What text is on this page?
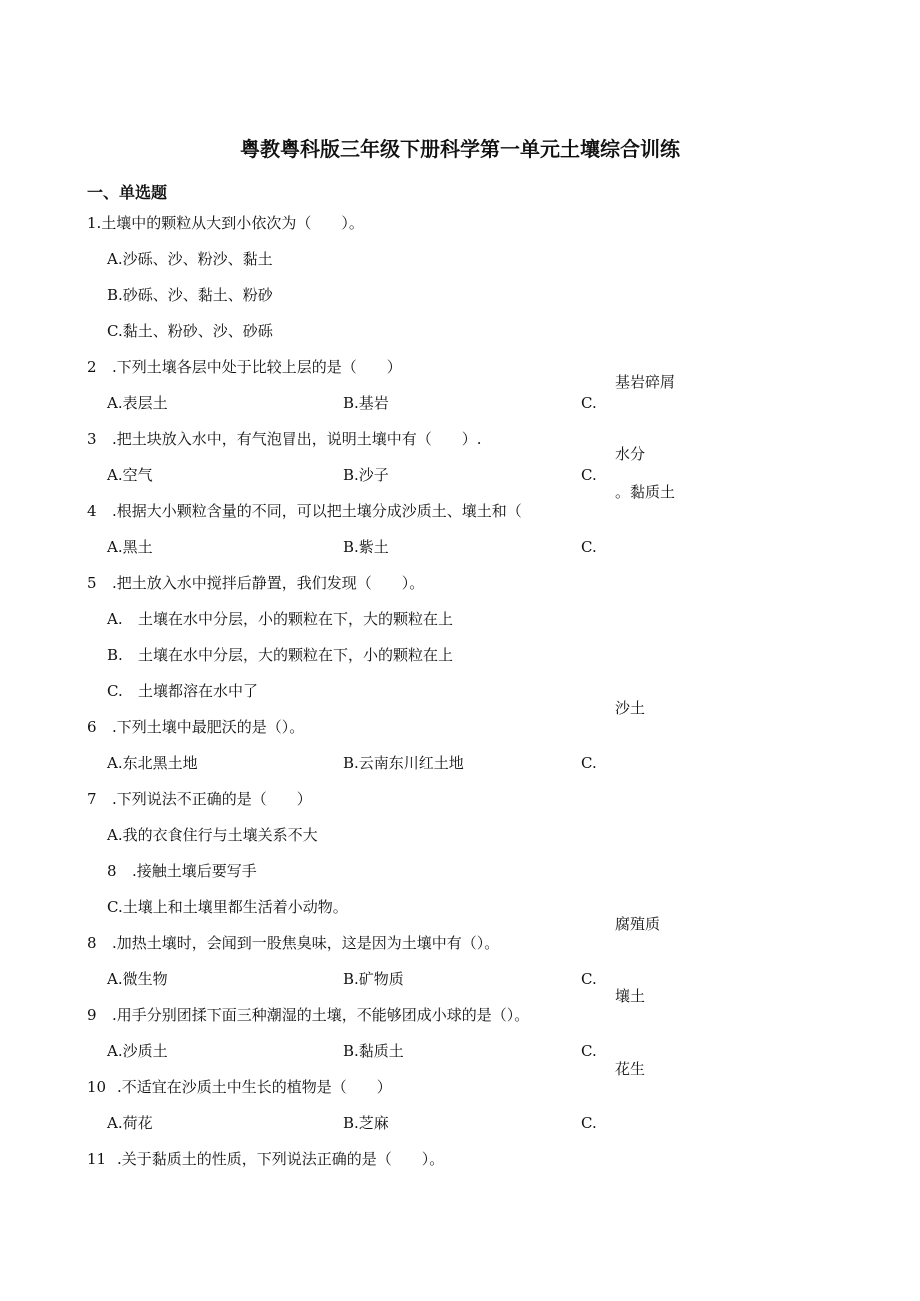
粤教粤科版三年级下册科学第一单元土壤综合训练
一、单选题
1.土壤中的颗粒从大到小依次为（　　）。
A.沙砾、沙、粉沙、黏土
B.砂砾、沙、黏土、粉砂
C.黏土、粉砂、沙、砂砾
2 .下列土壤各层中处于比较上层的是（　　）
基岩碎屑
A.表层土	B.基岩	C.
3 .把土块放入水中，有气泡冒出，说明土壤中有（　　）.
水分
A.空气	B.沙子	C.
。黏质土
4 .根据大小颗粒含量的不同，可以把土壤分成沙质土、壤土和（
A.黑土	B.紫土	C.
5 .把土放入水中搅拌后静置，我们发现（　　）。
A. 土壤在水中分层，小的颗粒在下，大的颗粒在上
B. 土壤在水中分层，大的颗粒在下，小的颗粒在上
C. 土壤都溶在水中了
沙土
6 .下列土壤中最肥沃的是（）。
A.东北黑土地	B.云南东川红土地	C.
7 .下列说法不正确的是（　　）
A.我的衣食住行与土壤关系不大
8 .接触土壤后要写手
C.土壤上和土壤里都生活着小动物。
腐殖质
8 .加热土壤时，会闻到一股焦臭味，这是因为土壤中有（）。
A.微生物	B.矿物质	C.
壤土
9 .用手分别团揉下面三种潮湿的土壤，不能够团成小球的是（）。
A.沙质土	B.黏质土	C.
花生
10 .不适宜在沙质土中生长的植物是（　　）
A.荷花	B.芝麻	C.
11 .关于黏质土的性质，下列说法正确的是（　　）。
